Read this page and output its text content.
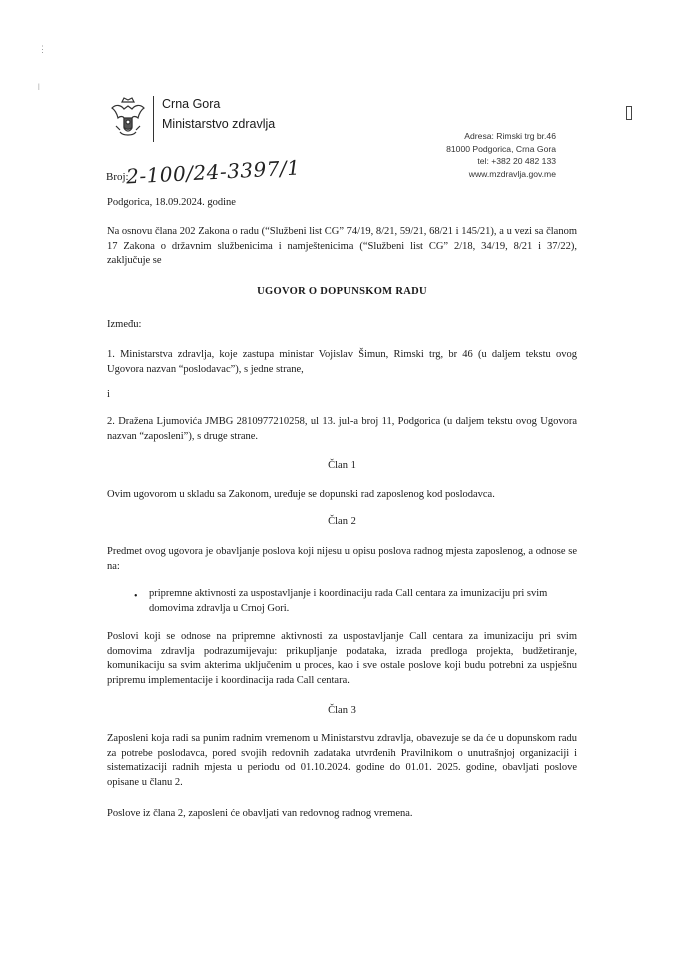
⋮
ǀ
Crna Gora
Ministarstvo zdravlja
Adresa: Rimski trg br.46
81000 Podgorica, Crna Gora
tel: +382 20 482 133
www.mzdravlja.gov.me
Broj:
2-100/24-3397/1
Podgorica, 18.09.2024. godine
Na osnovu člana 202 Zakona o radu (“Službeni list CG” 74/19, 8/21, 59/21, 68/21 i 145/21), a u vezi sa članom 17 Zakona o državnim službenicima i namještenicima (“Službeni list CG” 2/18, 34/19, 8/21 i 37/22), zaključuje se
UGOVOR O DOPUNSKOM RADU
Između:
1. Ministarstva zdravlja, koje zastupa ministar Vojislav Šimun, Rimski trg, br 46 (u daljem tekstu ovog Ugovora nazvan “poslodavac”), s jedne strane,
i
2. Dražena Ljumovića JMBG 2810977210258, ul 13. jul-a broj 11, Podgorica (u daljem tekstu ovog Ugovora nazvan “zaposleni”), s druge strane.
Član 1
Ovim ugovorom u skladu sa Zakonom, uređuje se dopunski rad zaposlenog kod poslodavca.
Član 2
Predmet ovog ugovora je obavljanje poslova koji nijesu u opisu poslova radnog mjesta zaposlenog, a odnose se na:
• pripremne aktivnosti za uspostavljanje i koordinaciju rada Call centara za imunizaciju pri svim domovima zdravlja u Crnoj Gori.
Poslovi koji se odnose na pripremne aktivnosti za uspostavljanje Call centara za imunizaciju pri svim domovima zdravlja podrazumijevaju: prikupljanje podataka, izrada predloga projekta, budžetiranje, komunikaciju sa svim akterima uključenim u proces, kao i sve ostale poslove koji budu potrebni za uspješnu pripremu implementacije i koordinacija rada Call centara.
Član 3
Zaposleni koja radi sa punim radnim vremenom u Ministarstvu zdravlja, obavezuje se da će u dopunskom radu za potrebe poslodavca, pored svojih redovnih zadataka utvrđenih Pravilnikom o unutrašnjoj organizaciji i sistematizaciji radnih mjesta u periodu od 01.10.2024. godine do 01.01. 2025. godine, obavljati poslove opisane u članu 2.
Poslove iz člana 2, zaposleni će obavljati van redovnog radnog vremena.
